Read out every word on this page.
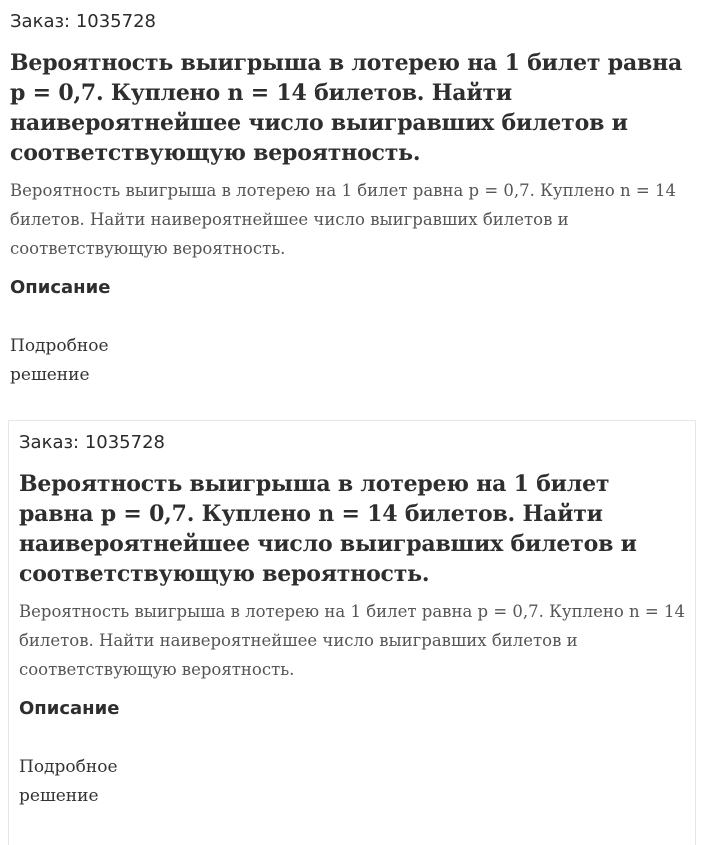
Заказ: 1035728
Вероятность выигрыша в лотерею на 1 билет равна p = 0,7. Куплено n = 14 билетов. Найти наивероятнейшее число выигравших билетов и соответствующую вероятность.
Вероятность выигрыша в лотерею на 1 билет равна p = 0,7. Куплено n = 14 билетов. Найти наивероятнейшее число выигравших билетов и соответствующую вероятность.
Описание
Подробное решение
Заказ: 1035728
Вероятность выигрыша в лотерею на 1 билет равна p = 0,7. Куплено n = 14 билетов. Найти наивероятнейшее число выигравших билетов и соответствующую вероятность.
Вероятность выигрыша в лотерею на 1 билет равна p = 0,7. Куплено n = 14 билетов. Найти наивероятнейшее число выигравших билетов и соответствующую вероятность.
Описание
Подробное решение
